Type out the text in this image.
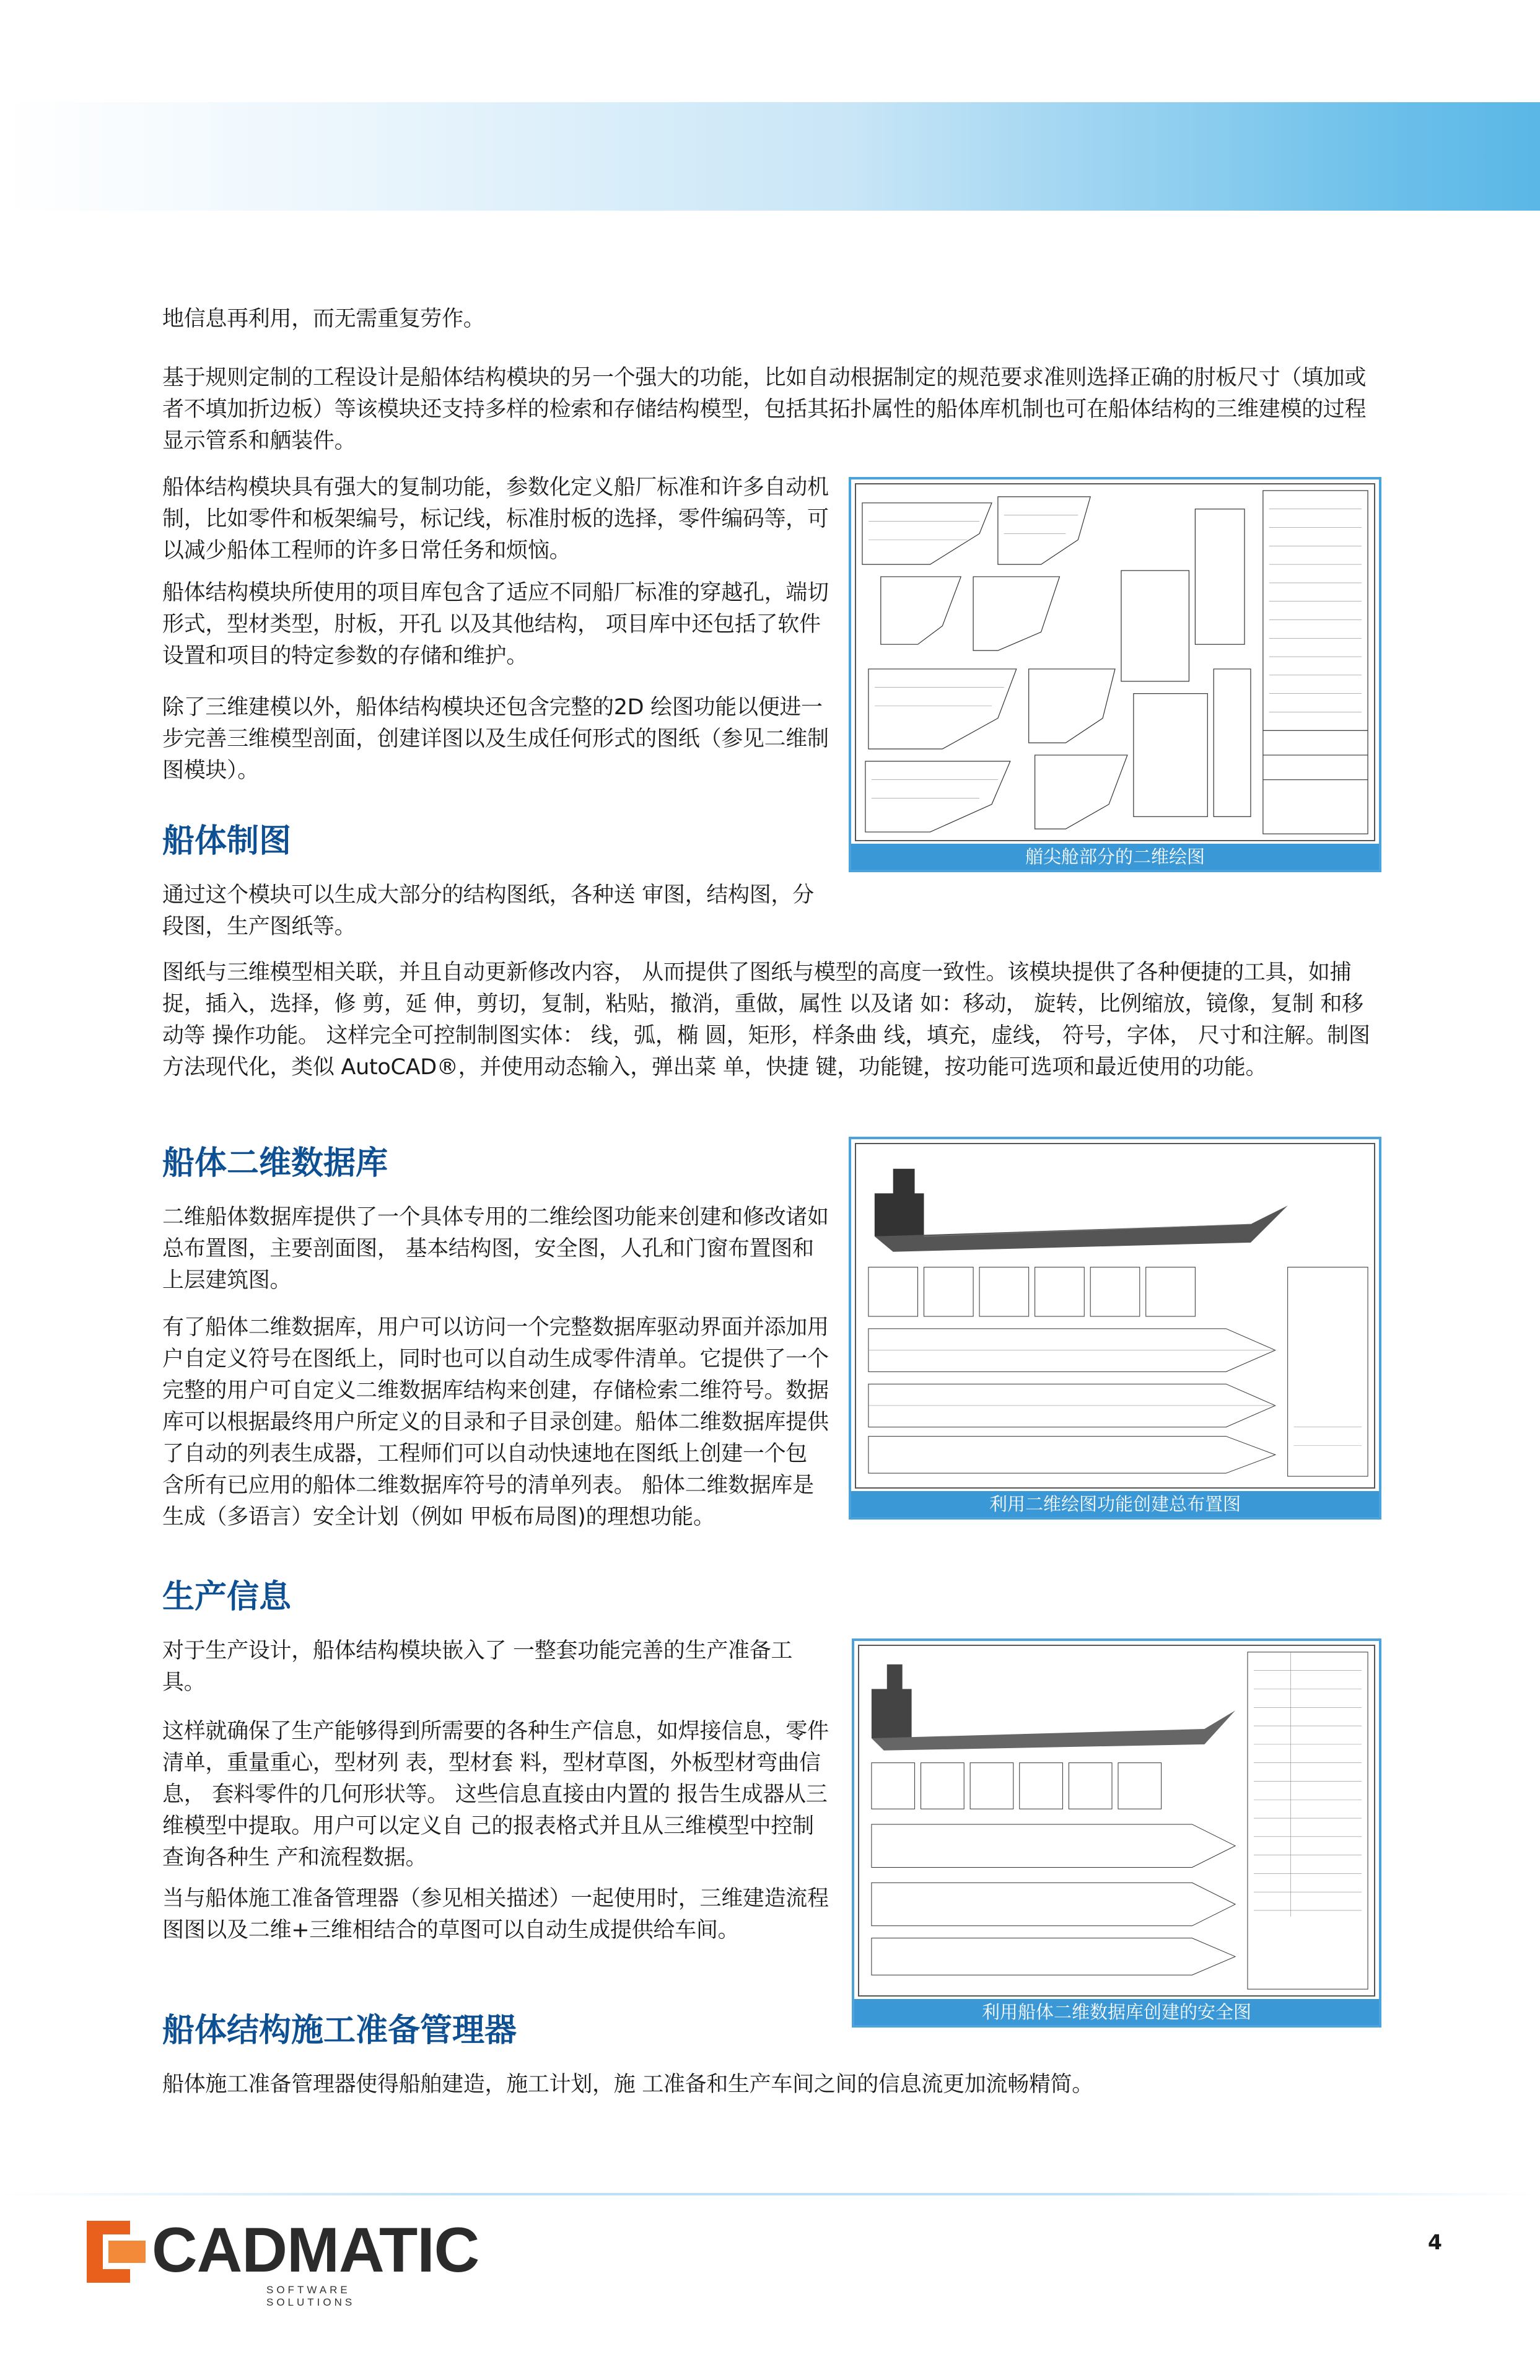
地信息再利用，而无需重复劳作。

基于规则定制的工程设计是船体结构模块的另一个强大的功能，比如自动根据制定的规范要求准则选择正确的肘板尺寸（填加或者不填加折边板）等该模块还支持多样的检索和存储结构模型，包括其拓扑属性的船体库机制也可在船体结构的三维建模的过程显示管系和舾装件。

船体结构模块具有强大的复制功能，参数化定义船厂标准和许多自动机制，比如零件和板架编号，标记线，标准肘板的选择，零件编码等，可以减少船体工程师的许多日常任务和烦恼。

船体结构模块所使用的项目库包含了适应不同船厂标准的穿越孔，端切形式，型材类型，肘板，开孔 以及其他结构， 项目库中还包括了软件设置和项目的特定参数的存储和维护。

除了三维建模以外，船体结构模块还包含完整的2D 绘图功能以便进一步完善三维模型剖面，创建详图以及生成任何形式的图纸（参见二维制图模块）。

船体制图

通过这个模块可以生成大部分的结构图纸，各种送 审图，结构图，分段图，生产图纸等。

图纸与三维模型相关联，并且自动更新修改内容， 从而提供了图纸与模型的高度一致性。该模块提供了各种便捷的工具，如捕捉，插入，选择，修 剪，延 伸，剪切，复制，粘贴，撤消，重做，属性 以及诸 如：移动， 旋转，比例缩放，镜像，复制 和移动等 操作功能。 这样完全可控制制图实体： 线，弧，椭 圆，矩形，样条曲 线，填充，虚线， 符号，字体， 尺寸和注解。制图方法现代化，类似 AutoCAD®，并使用动态输入，弹出菜 单，快捷 键，功能键，按功能可选项和最近使用的功能。

船体二维数据库

二维船体数据库提供了一个具体专用的二维绘图功能来创建和修改诸如总布置图，主要剖面图， 基本结构图，安全图，人孔和门窗布置图和上层建筑图。

有了船体二维数据库，用户可以访问一个完整数据库驱动界面并添加用户自定义符号在图纸上，同时也可以自动生成零件清单。它提供了一个完整的用户可自定义二维数据库结构来创建，存储检索二维符号。数据库可以根据最终用户所定义的目录和子目录创建。船体二维数据库提供了自动的列表生成器，工程师们可以自动快速地在图纸上创建一个包 含所有已应用的船体二维数据库符号的清单列表。 船体二维数据库是生成（多语言）安全计划（例如 甲板布局图)的理想功能。

生产信息

对于生产设计，船体结构模块嵌入了 一整套功能完善的生产准备工具。

这样就确保了生产能够得到所需要的各种生产信息，如焊接信息，零件清单，重量重心，型材列 表，型材套 料，型材草图，外板型材弯曲信息， 套料零件的几何形状等。 这些信息直接由内置的 报告生成器从三维模型中提取。用户可以定义自 己的报表格式并且从三维模型中控制查询各种生 产和流程数据。

当与船体施工准备管理器（参见相关描述）一起使用时，三维建造流程图图以及二维+三维相结合的草图可以自动生成提供给车间。

船体结构施工准备管理器

船体施工准备管理器使得船舶建造，施工计划，施 工准备和生产车间之间的信息流更加流畅精简。

艏尖舱部分的二维绘图
利用二维绘图功能创建总布置图
利用船体二维数据库创建的安全图
CADMATIC
SOFTWARE SOLUTIONS
4
